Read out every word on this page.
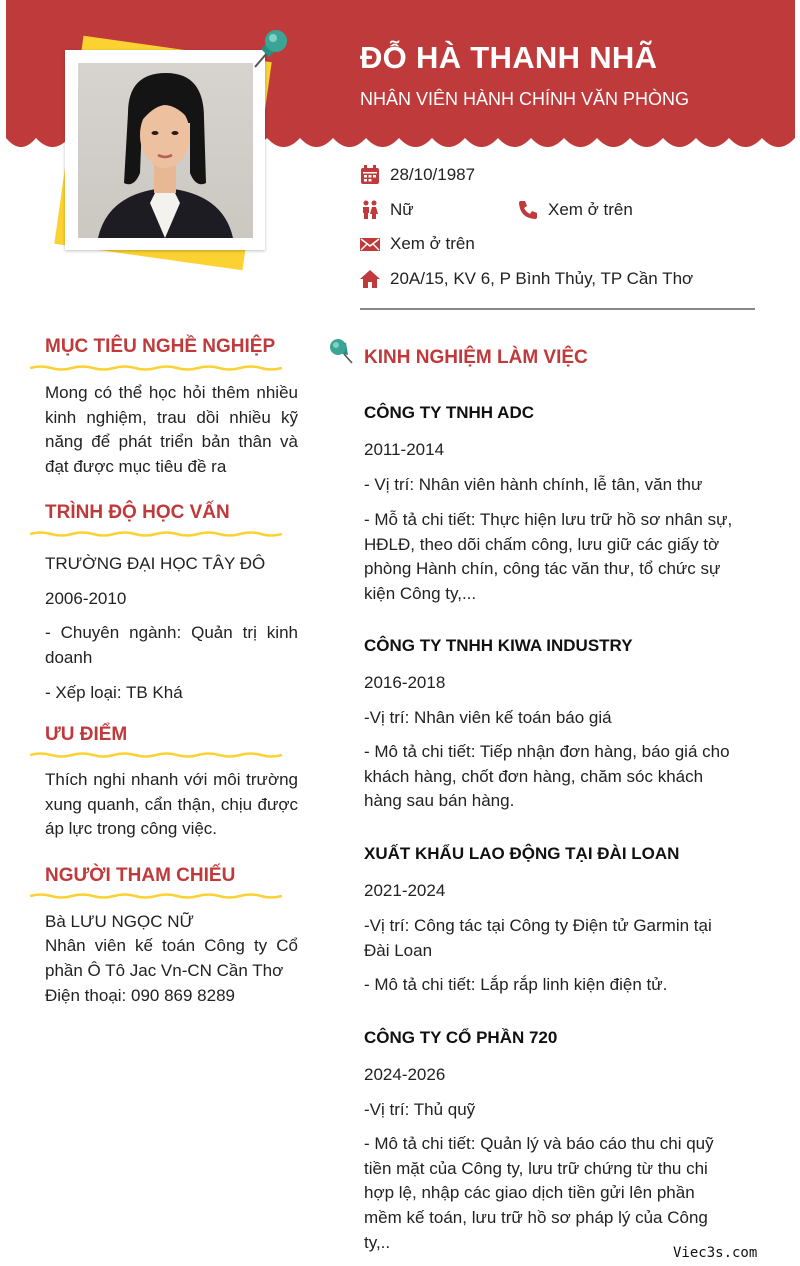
ĐỖ HÀ THANH NHÃ
NHÂN VIÊN HÀNH CHÍNH VĂN PHÒNG
28/10/1987
Nữ	Xem ở trên
Xem ở trên
20A/15, KV 6, P Bình Thủy, TP Cần Thơ
MỤC TIÊU NGHỀ NGHIỆP
Mong có thể học hỏi thêm nhiều kinh nghiệm, trau dồi nhiều kỹ năng để phát triển bản thân và đạt được mục tiêu đề ra
TRÌNH ĐỘ HỌC VẤN
TRƯỜNG ĐẠI HỌC TÂY ĐÔ
2006-2010
- Chuyên ngành: Quản trị kinh doanh
- Xếp loại: TB Khá
ƯU ĐIỂM
Thích nghi nhanh với môi trường xung quanh, cẩn thận, chịu được áp lực trong công việc.
NGƯỜI THAM CHIẾU
Bà LƯU NGỌC NỮ
Nhân viên kế toán Công ty Cổ phần Ô Tô Jac Vn-CN Cần Thơ
Điện thoại: 090 869 8289
KINH NGHIỆM LÀM VIỆC
CÔNG TY TNHH ADC
2011-2014
- Vị trí: Nhân viên hành chính, lễ tân, văn thư
- Mỗ tả chi tiết: Thực hiện lưu trữ hồ sơ nhân sự, HĐLĐ, theo dõi chấm công, lưu giữ các giấy tờ phòng Hành chín, công tác văn thư, tổ chức sự kiện Công ty,...
CÔNG TY TNHH KIWA INDUSTRY
2016-2018
-Vị trí: Nhân viên kế toán báo giá
- Mô tả chi tiết: Tiếp nhận đơn hàng, báo giá cho khách hàng, chốt đơn hàng, chăm sóc khách hàng sau bán hàng.
XUẤT KHẨU LAO ĐỘNG TẠI ĐÀI LOAN
2021-2024
-Vị trí: Công tác tại Công ty Điện tử Garmin tại Đài Loan
- Mô tả chi tiết: Lắp rắp linh kiện điện tử.
CÔNG TY CỔ PHẦN 720
2024-2026
-Vị trí: Thủ quỹ
- Mô tả chi tiết: Quản lý và báo cáo thu chi quỹ tiền mặt của Công ty, lưu trữ chứng từ thu chi hợp lệ, nhập các giao dịch tiền gửi lên phần mềm kế toán, lưu trữ hồ sơ pháp lý của Công ty,..
Viec3s.com
